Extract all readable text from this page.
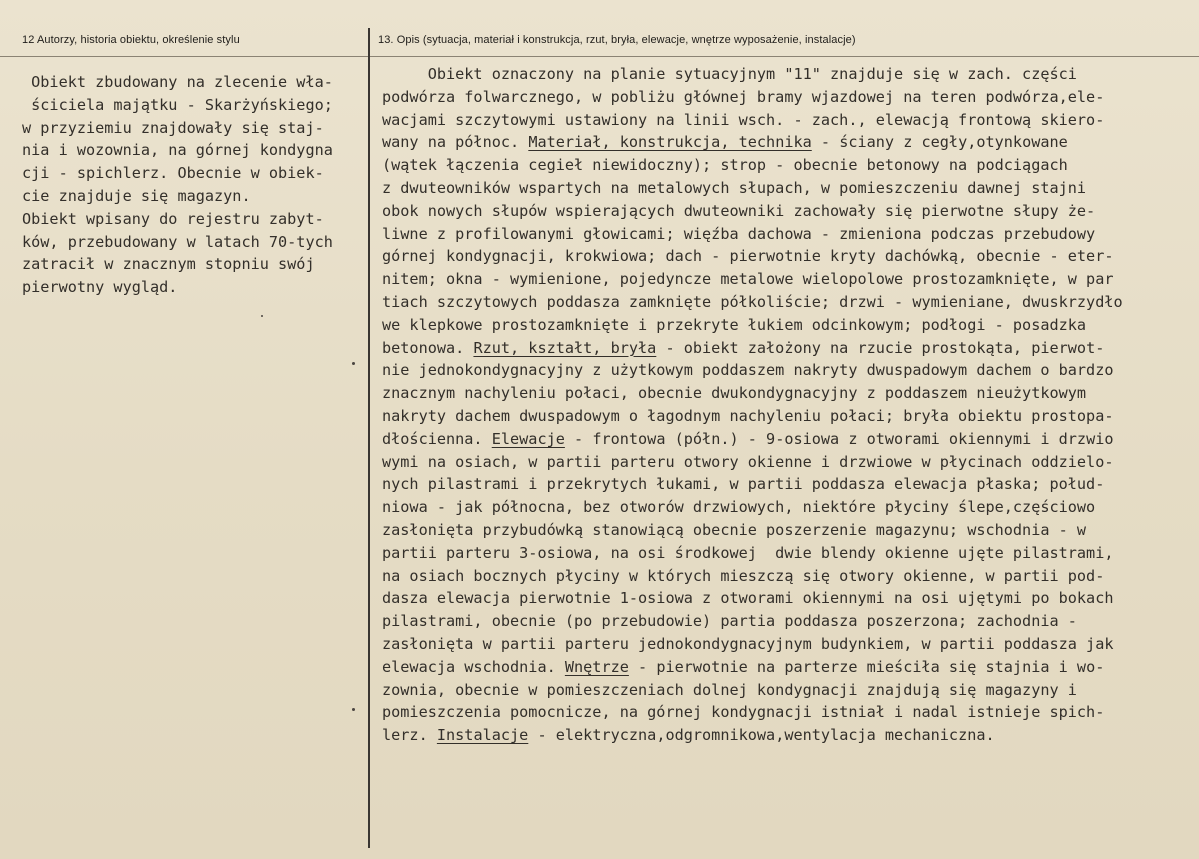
12 Autorzy, historia obiektu, określenie stylu	13. Opis (sytuacja, materiał i konstrukcja, rzut, bryła, elewacje, wnętrze wyposażenie, instalacje)
Obiekt zbudowany na zlecenie wła-
ściciela majątku - Skarżyńskiego;
w przyziemiu znajdowały się staj-
nia i wozownia, na górnej kondygna
cji - spichlerz. Obecnie w obiek-
cie znajduje się magazyn.
Obiekt wpisany do rejestru zabyt-
ków, przebudowany w latach 70-tych
zatracił w znacznym stopniu swój
pierwotny wygląd.
Obiekt oznaczony na planie sytuacyjnym "11" znajduje się w zach. części
podwórza folwarcznego, w pobliżu głównej bramy wjazdowej na teren podwórza,ele-
wacjami szczytowymi ustawiony na linii wsch. - zach., elewacją frontową skiero-
wany na północ. Materiał, konstrukcja, technika - ściany z cegły,otynkowane
(wątek łączenia cegieł niewidoczny); strop - obecnie betonowy na podciągach
z dwuteowników wspartych na metalowych słupach, w pomieszczeniu dawnej stajni
obok nowych słupów wspierających dwuteowniki zachowały się pierwotne słupy że-
liwne z profilowanymi głowicami; więźba dachowa - zmieniona podczas przebudowy
górnej kondygnacji, krokwiowa; dach - pierwotnie kryty dachówką, obecnie - eter-
nitem; okna - wymienione, pojedyncze metalowe wielopolowe prostozamknięte, w par
tiach szczytowych poddasza zamknięte półkoliście; drzwi - wymieniane, dwuskrzydło
we klepkowe prostozamknięte i przekryte łukiem odcinkowym; podłogi - posadzka
betonowa. Rzut, kształt, bryła - obiekt założony na rzucie prostokąta, pierwot-
nie jednokondygnacyjny z użytkowym poddaszem nakryty dwuspadowym dachem o bardzo
znacznym nachyleniu połaci, obecnie dwukondygnacyjny z poddaszem nieużytkowym
nakryty dachem dwuspadowym o łagodnym nachyleniu połaci; bryła obiektu prostopa-
dłościenna. Elewacje - frontowa (półn.) - 9-osiowa z otworami okiennymi i drzwio
wymi na osiach, w partii parteru otwory okienne i drzwiowe w płycinach oddzielo-
nych pilastrami i przekrytych łukami, w partii poddasza elewacja płaska; połud-
niowa - jak północna, bez otworów drzwiowych, niektóre płyciny ślepe,częściowo
zasłonięta przybudówką stanowiącą obecnie poszerzenie magazynu; wschodnia - w
partii parteru 3-osiowa, na osi środkowej  dwie blendy okienne ujęte pilastrami,
na osiach bocznych płyciny w których mieszczą się otwory okienne, w partii pod-
dasza elewacja pierwotnie 1-osiowa z otworami okiennymi na osi ujętymi po bokach
pilastrami, obecnie (po przebudowie) partia poddasza poszerzona; zachodnia -
zasłonięta w partii parteru jednokondygnacyjnym budynkiem, w partii poddasza jak
elewacja wschodnia. Wnętrze - pierwotnie na parterze mieściła się stajnia i wo-
zownia, obecnie w pomieszczeniach dolnej kondygnacji znajdują się magazyny i
pomieszczenia pomocnicze, na górnej kondygnacji istniał i nadal istnieje spich-
lerz. Instalacje - elektryczna,odgromnikowa,wentylacja mechaniczna.
